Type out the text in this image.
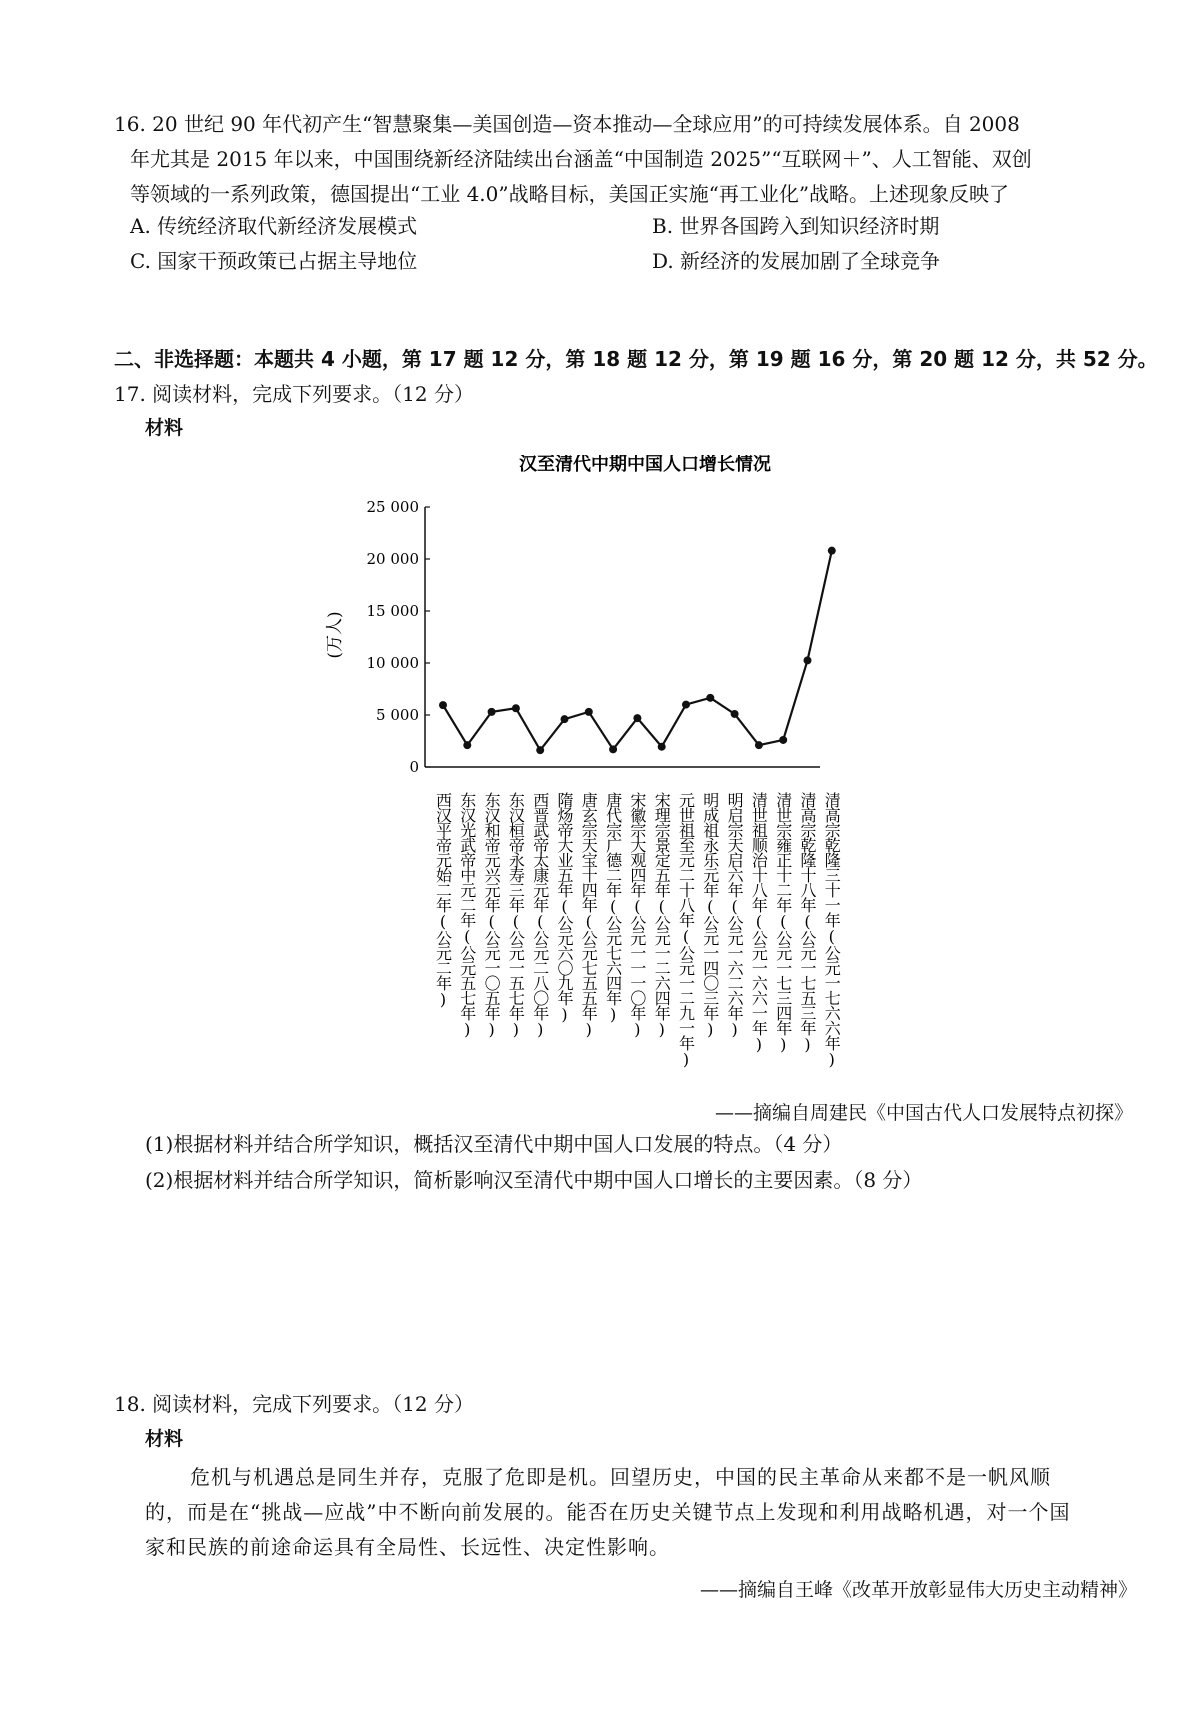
16. 20 世纪 90 年代初产生“智慧聚集—美国创造—资本推动—全球应用”的可持续发展体系。自 2008
年尤其是 2015 年以来，中国围绕新经济陆续出台涵盖“中国制造 2025”“互联网＋”、人工智能、双创
等领域的一系列政策，德国提出“工业 4.0”战略目标，美国正实施“再工业化”战略。上述现象反映了
A. 传统经济取代新经济发展模式	B. 世界各国跨入到知识经济时期
C. 国家干预政策已占据主导地位	D. 新经济的发展加剧了全球竞争
二、非选择题：本题共 4 小题，第 17 题 12 分，第 18 题 12 分，第 19 题 16 分，第 20 题 12 分，共 52 分。
17. 阅读材料，完成下列要求。（12 分）
材料
汉至清代中期中国人口增长情况
0
5 000
10 000
15 000
20 000
25 000
(万人)
西汉平帝元始二年(公元二年) 东汉光武帝中元二年(公元五七年) 东汉和帝元兴元年(公元一〇五年) 东汉桓帝永寿三年(公元一五七年) 西晋武帝太康元年(公元二八〇年) 隋炀帝大业五年(公元六〇九年) 唐玄宗天宝十四年(公元七五五年) 唐代宗广德二年(公元七六四年) 宋徽宗大观四年(公元一一一〇年) 宋理宗景定五年(公元一二六四年) 元世祖至元二十八年(公元一二九一年) 明成祖永乐元年(公元一四〇三年) 明启宗天启六年(公元一六二六年) 清世祖顺治十八年(公元一六六一年) 清世宗雍正十二年(公元一七三四年) 清高宗乾隆十八年(公元一七五三年) 清高宗乾隆三十一年(公元一七六六年)
——摘编自周建民《中国古代人口发展特点初探》
(1)根据材料并结合所学知识，概括汉至清代中期中国人口发展的特点。（4 分）
(2)根据材料并结合所学知识，简析影响汉至清代中期中国人口增长的主要因素。（8 分）
18. 阅读材料，完成下列要求。（12 分）
材料
危机与机遇总是同生并存，克服了危即是机。回望历史，中国的民主革命从来都不是一帆风顺
的，而是在“挑战—应战”中不断向前发展的。能否在历史关键节点上发现和利用战略机遇，对一个国
家和民族的前途命运具有全局性、长远性、决定性影响。
——摘编自王峰《改革开放彰显伟大历史主动精神》
